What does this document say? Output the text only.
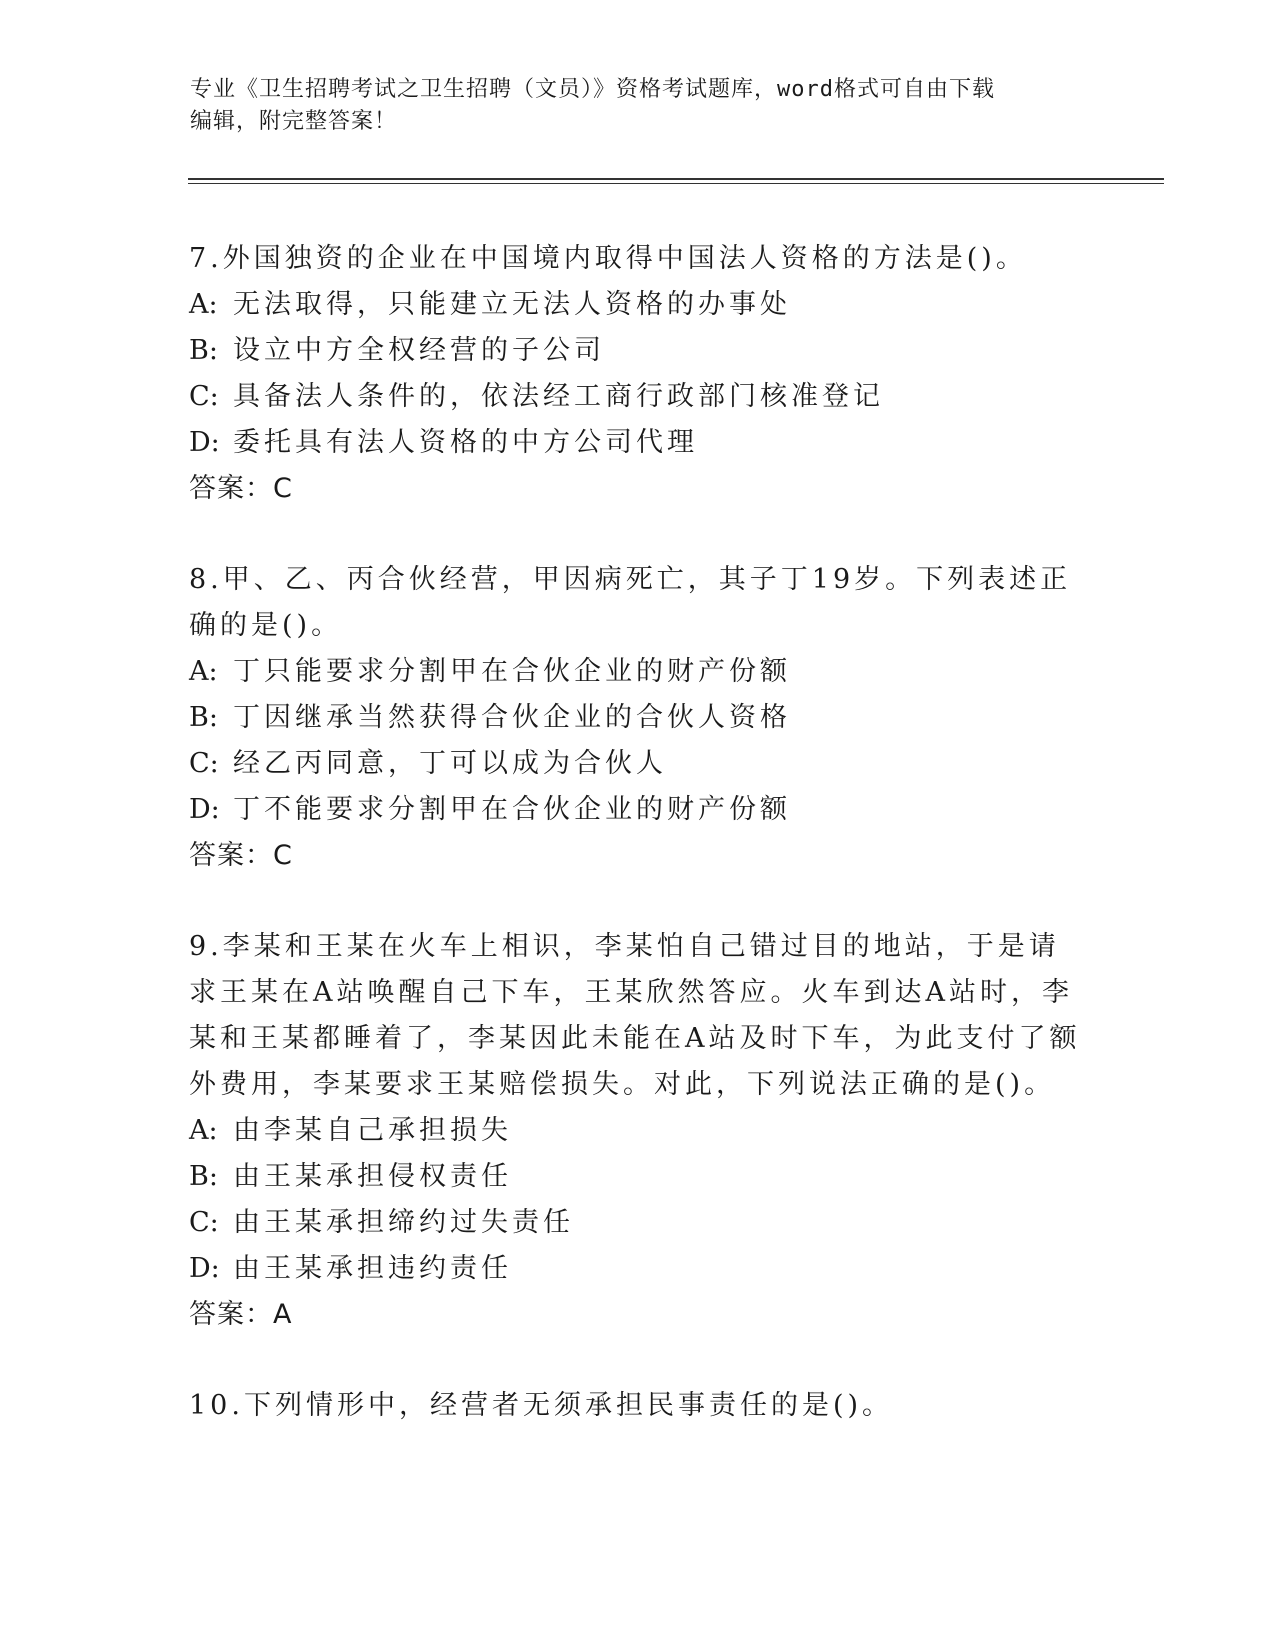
专业《卫生招聘考试之卫生招聘（文员）》资格考试题库，word格式可自由下载
编辑，附完整答案！

7.外国独资的企业在中国境内取得中国法人资格的方法是()。

A: 无法取得，只能建立无法人资格的办事处

B: 设立中方全权经营的子公司

C: 具备法人条件的，依法经工商行政部门核准登记

D: 委托具有法人资格的中方公司代理

答案：C

8.甲、乙、丙合伙经营，甲因病死亡，其子丁19岁。下列表述正确的是()。

A: 丁只能要求分割甲在合伙企业的财产份额

B: 丁因继承当然获得合伙企业的合伙人资格

C: 经乙丙同意，丁可以成为合伙人

D: 丁不能要求分割甲在合伙企业的财产份额

答案：C

9.李某和王某在火车上相识，李某怕自己错过目的地站，于是请求王某在A站唤醒自己下车，王某欣然答应。火车到达A站时，李某和王某都睡着了，李某因此未能在A站及时下车，为此支付了额外费用，李某要求王某赔偿损失。对此，下列说法正确的是()。

A: 由李某自己承担损失

B: 由王某承担侵权责任

C: 由王某承担缔约过失责任

D: 由王某承担违约责任

答案：A

10.下列情形中，经营者无须承担民事责任的是()。
